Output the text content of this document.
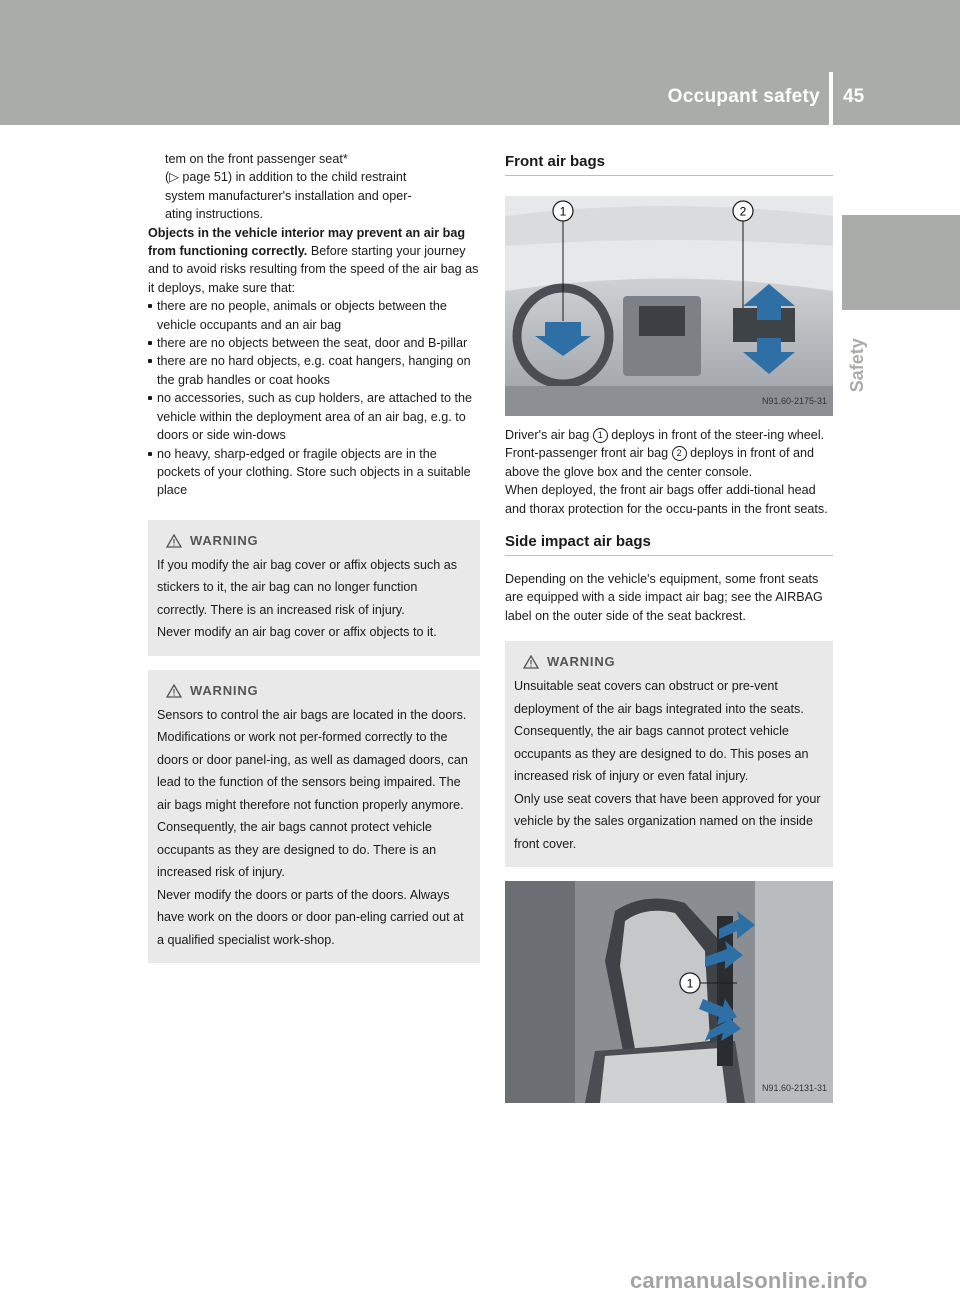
Occupant safety 45
Safety

tem on the front passenger seat*

(▷ page 51) in addition to the child restraint

system manufacturer's installation and oper-

ating instructions.

Objects in the vehicle interior may prevent an air bag from functioning correctly. Before starting your journey and to avoid risks resulting from the speed of the air bag as it deploys, make sure that:

there are no people, animals or objects between the vehicle occupants and an air bag
there are no objects between the seat, door and B-pillar
there are no hard objects, e.g. coat hangers, hanging on the grab handles or coat hooks
no accessories, such as cup holders, are attached to the vehicle within the deployment area of an air bag, e.g. to doors or side win-dows
no heavy, sharp-edged or fragile objects are in the pockets of your clothing. Store such objects in a suitable place
WARNING

If you modify the air bag cover or affix objects such as stickers to it, the air bag can no longer function correctly. There is an increased risk of injury.

Never modify an air bag cover or affix objects to it.

WARNING

Sensors to control the air bags are located in the doors. Modifications or work not per-formed correctly to the doors or door panel-ing, as well as damaged doors, can lead to the function of the sensors being impaired. The air bags might therefore not function properly anymore. Consequently, the air bags cannot protect vehicle occupants as they are designed to do. There is an increased risk of injury.

Never modify the doors or parts of the doors. Always have work on the doors or door pan-eling carried out at a qualified specialist work-shop.

Front air bags
1	2
N91.60-2175-31

Driver's air bag 1 deploys in front of the steer-ing wheel. Front-passenger front air bag 2 deploys in front of and above the glove box and the center console.

When deployed, the front air bags offer addi-tional head and thorax protection for the occu-pants in the front seats.

Side impact air bags

Depending on the vehicle's equipment, some front seats are equipped with a side impact air bag; see the AIRBAG label on the outer side of the seat backrest.

WARNING

Unsuitable seat covers can obstruct or pre-vent deployment of the air bags integrated into the seats. Consequently, the air bags cannot protect vehicle occupants as they are designed to do. This poses an increased risk of injury or even fatal injury.

Only use seat covers that have been approved for your vehicle by the sales organization named on the inside front cover.

1
N91.60-2131-31
carmanualsonline.info
